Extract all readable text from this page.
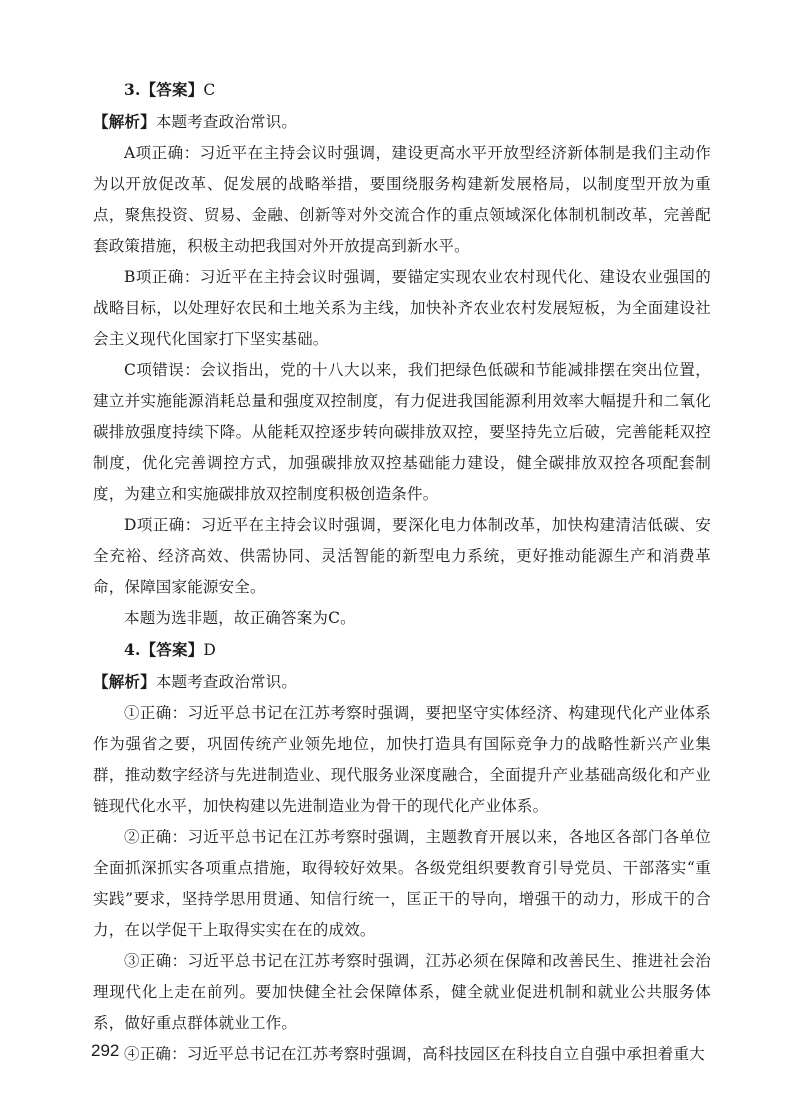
3.【答案】C

【解析】本题考查政治常识。

A项正确：习近平在主持会议时强调，建设更高水平开放型经济新体制是我们主动作为以开放促改革、促发展的战略举措，要围绕服务构建新发展格局，以制度型开放为重点，聚焦投资、贸易、金融、创新等对外交流合作的重点领域深化体制机制改革，完善配套政策措施，积极主动把我国对外开放提高到新水平。

B项正确：习近平在主持会议时强调，要锚定实现农业农村现代化、建设农业强国的战略目标，以处理好农民和土地关系为主线，加快补齐农业农村发展短板，为全面建设社会主义现代化国家打下坚实基础。

C项错误：会议指出，党的十八大以来，我们把绿色低碳和节能减排摆在突出位置，建立并实施能源消耗总量和强度双控制度，有力促进我国能源利用效率大幅提升和二氧化碳排放强度持续下降。从能耗双控逐步转向碳排放双控，要坚持先立后破，完善能耗双控制度，优化完善调控方式，加强碳排放双控基础能力建设，健全碳排放双控各项配套制度，为建立和实施碳排放双控制度积极创造条件。

D项正确：习近平在主持会议时强调，要深化电力体制改革，加快构建清洁低碳、安全充裕、经济高效、供需协同、灵活智能的新型电力系统，更好推动能源生产和消费革命，保障国家能源安全。

本题为选非题，故正确答案为C。

4.【答案】D

【解析】本题考查政治常识。

①正确：习近平总书记在江苏考察时强调，要把坚守实体经济、构建现代化产业体系作为强省之要，巩固传统产业领先地位，加快打造具有国际竞争力的战略性新兴产业集群，推动数字经济与先进制造业、现代服务业深度融合，全面提升产业基础高级化和产业链现代化水平，加快构建以先进制造业为骨干的现代化产业体系。

②正确：习近平总书记在江苏考察时强调，主题教育开展以来，各地区各部门各单位全面抓深抓实各项重点措施，取得较好效果。各级党组织要教育引导党员、干部落实“重实践”要求，坚持学思用贯通、知信行统一，匡正干的导向，增强干的动力，形成干的合力，在以学促干上取得实实在在的成效。

③正确：习近平总书记在江苏考察时强调，江苏必须在保障和改善民生、推进社会治理现代化上走在前列。要加快健全社会保障体系，健全就业促进机制和就业公共服务体系，做好重点群体就业工作。

④正确：习近平总书记在江苏考察时强调，高科技园区在科技自立自强中承担着重大

292
